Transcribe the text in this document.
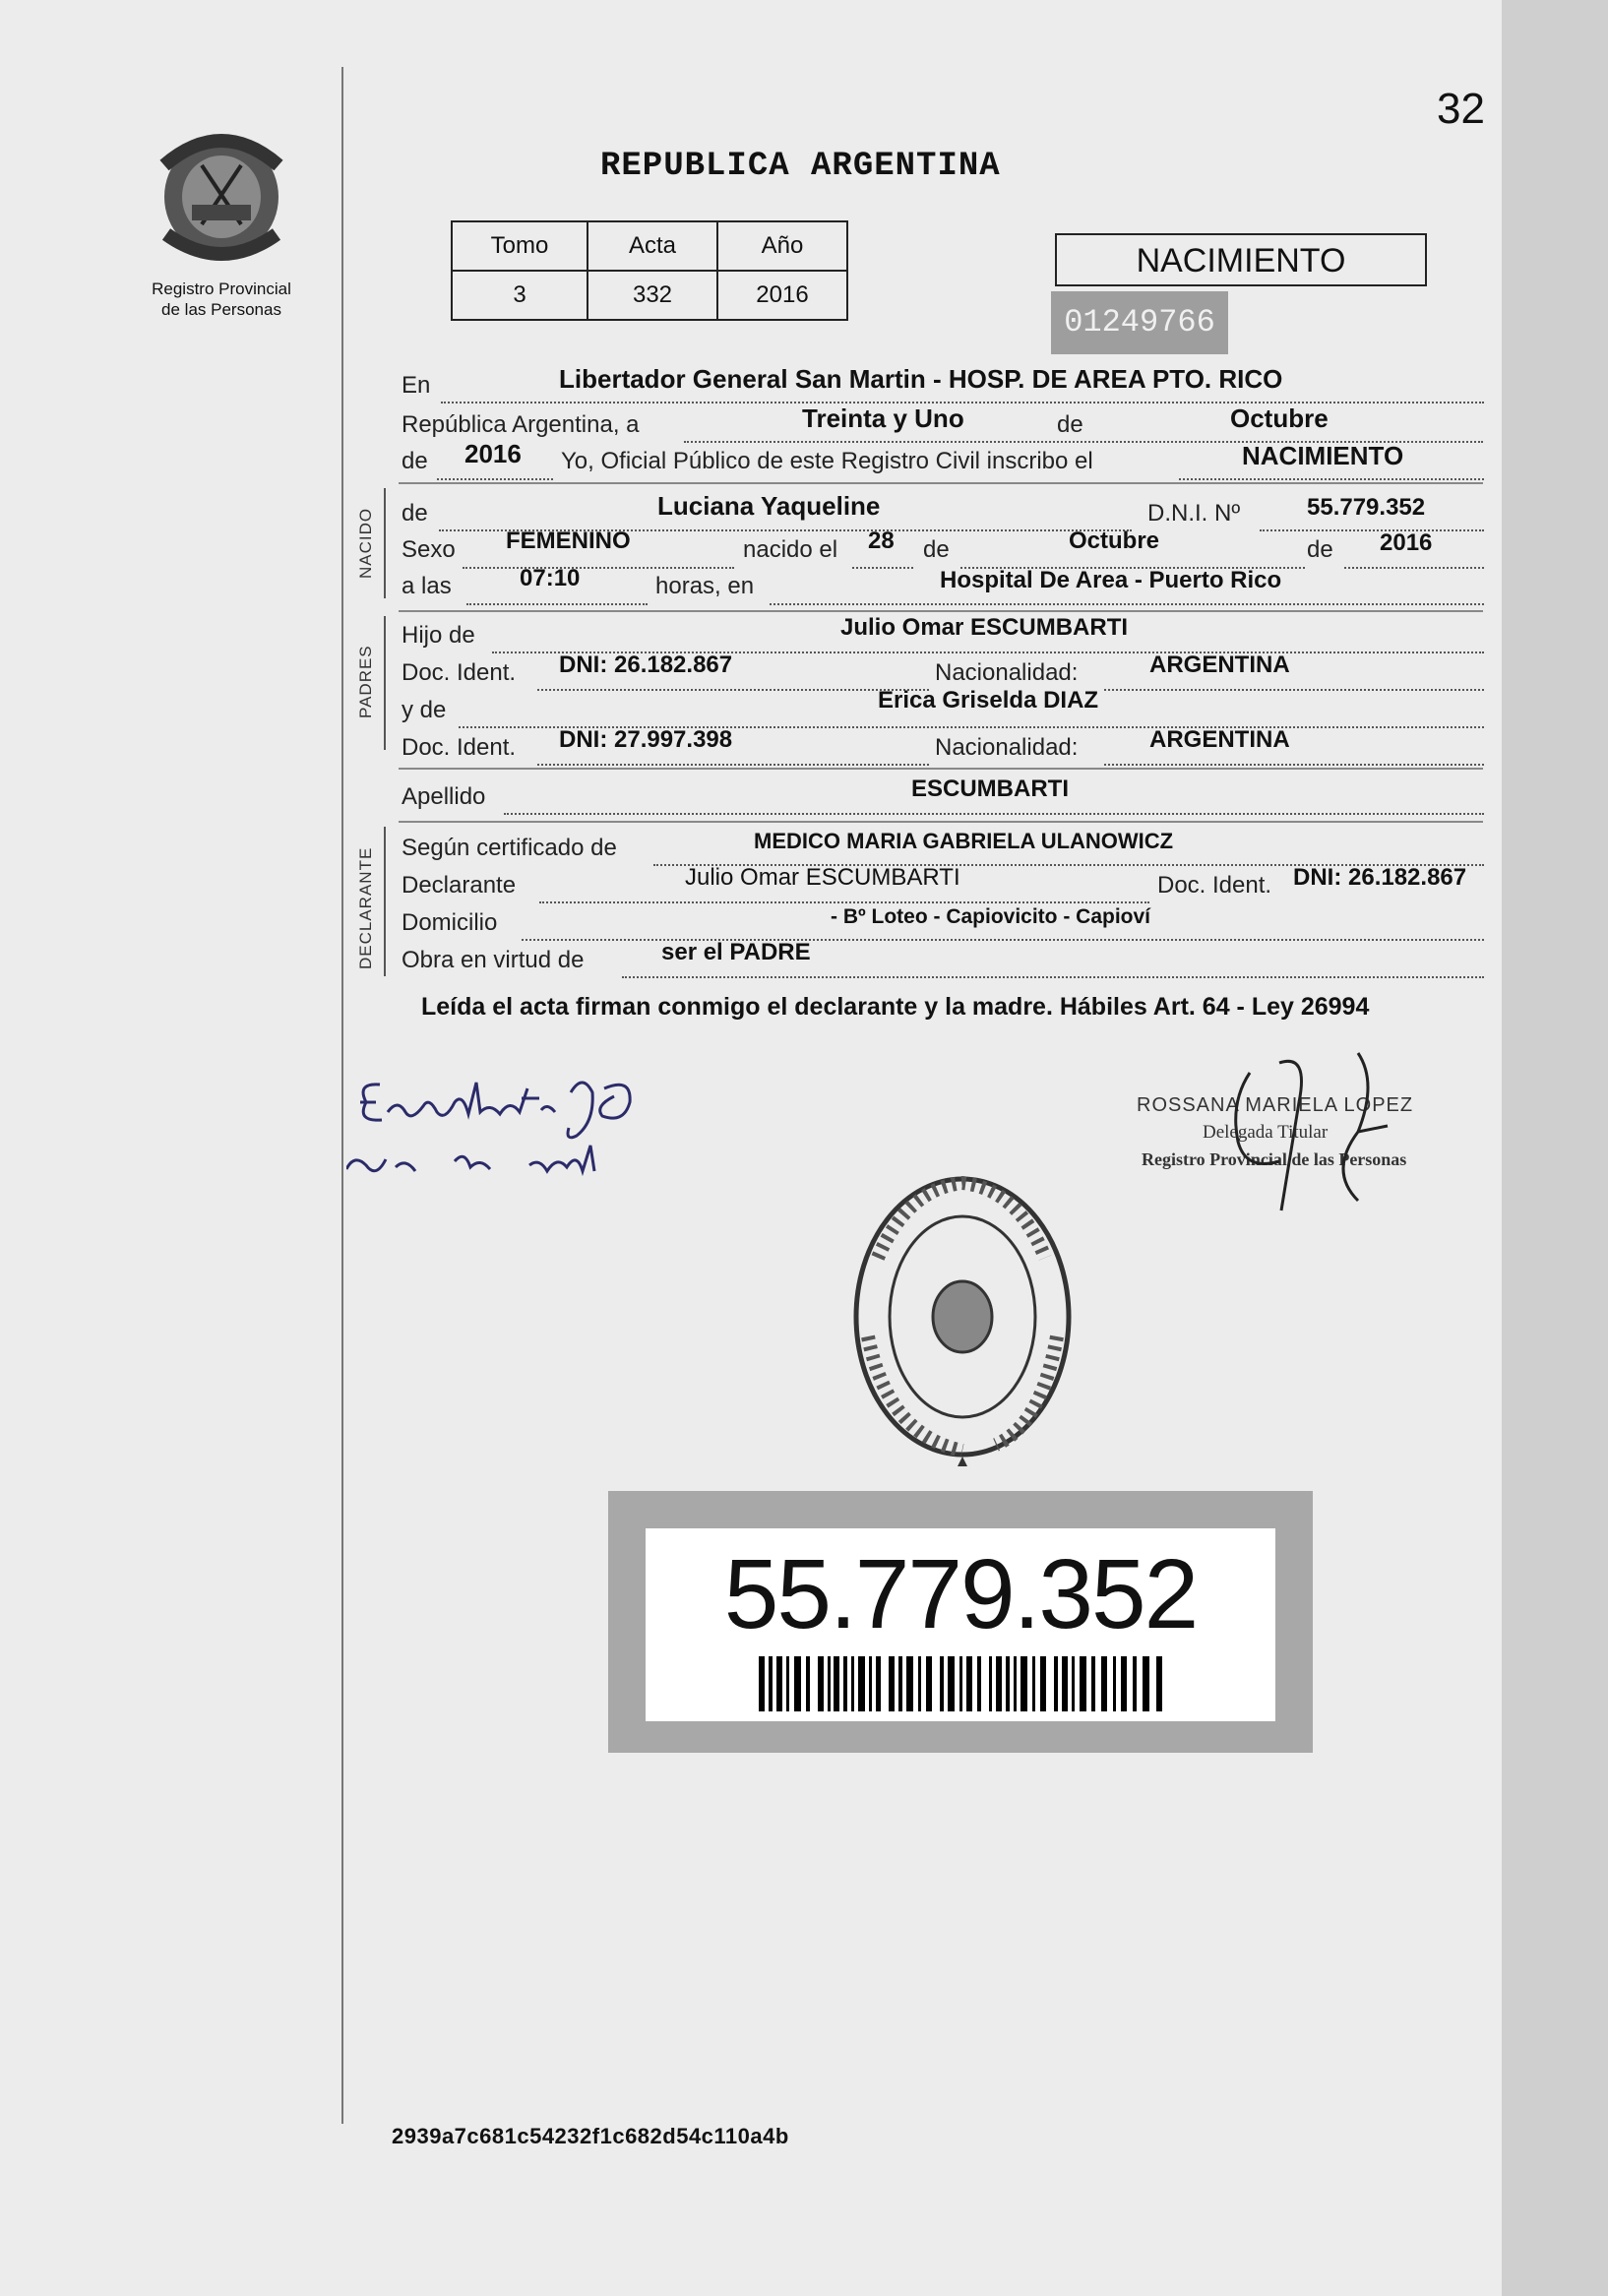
32
Registro Provincial
de las Personas
REPUBLICA ARGENTINA
Tomo	Acta	Año
3	332	2016
NACIMIENTO
01249766
En	Libertador General San Martin - HOSP. DE AREA PTO. RICO
República Argentina, a	Treinta y Uno	de	Octubre
de 2016 Yo, Oficial Público de este Registro Civil inscribo el	NACIMIENTO
NACIDO de	Luciana Yaqueline	D.N.I. Nº	55.779.352
Sexo FEMENINO	nacido el 28 de	Octubre	de 2016
a las	07:10	horas, en	Hospital De Area - Puerto Rico
PADRES
Hijo de	Julio Omar ESCUMBARTI
Doc. Ident. DNI: 26.182.867	Nacionalidad:	ARGENTINA
y de	Erica Griselda DIAZ
Doc. Ident. DNI: 27.997.398	Nacionalidad:	ARGENTINA
Apellido	ESCUMBARTI
DECLARANTE Según certificado de	MEDICO MARIA GABRIELA ULANOWICZ
Declarante	Julio Omar ESCUMBARTI	Doc. Ident. DNI: 26.182.867
Domicilio	- Bº Loteo - Capiovicito - Capioví
Obra en virtud de	ser el PADRE
Leída el acta firman conmigo el declarante y la madre. Hábiles Art. 64 - Ley 26994
ROSSANA MARIELA LOPEZ
Delegada Titular
Registro Provincial de las Personas
55.779.352
2939a7c681c54232f1c682d54c110a4b
